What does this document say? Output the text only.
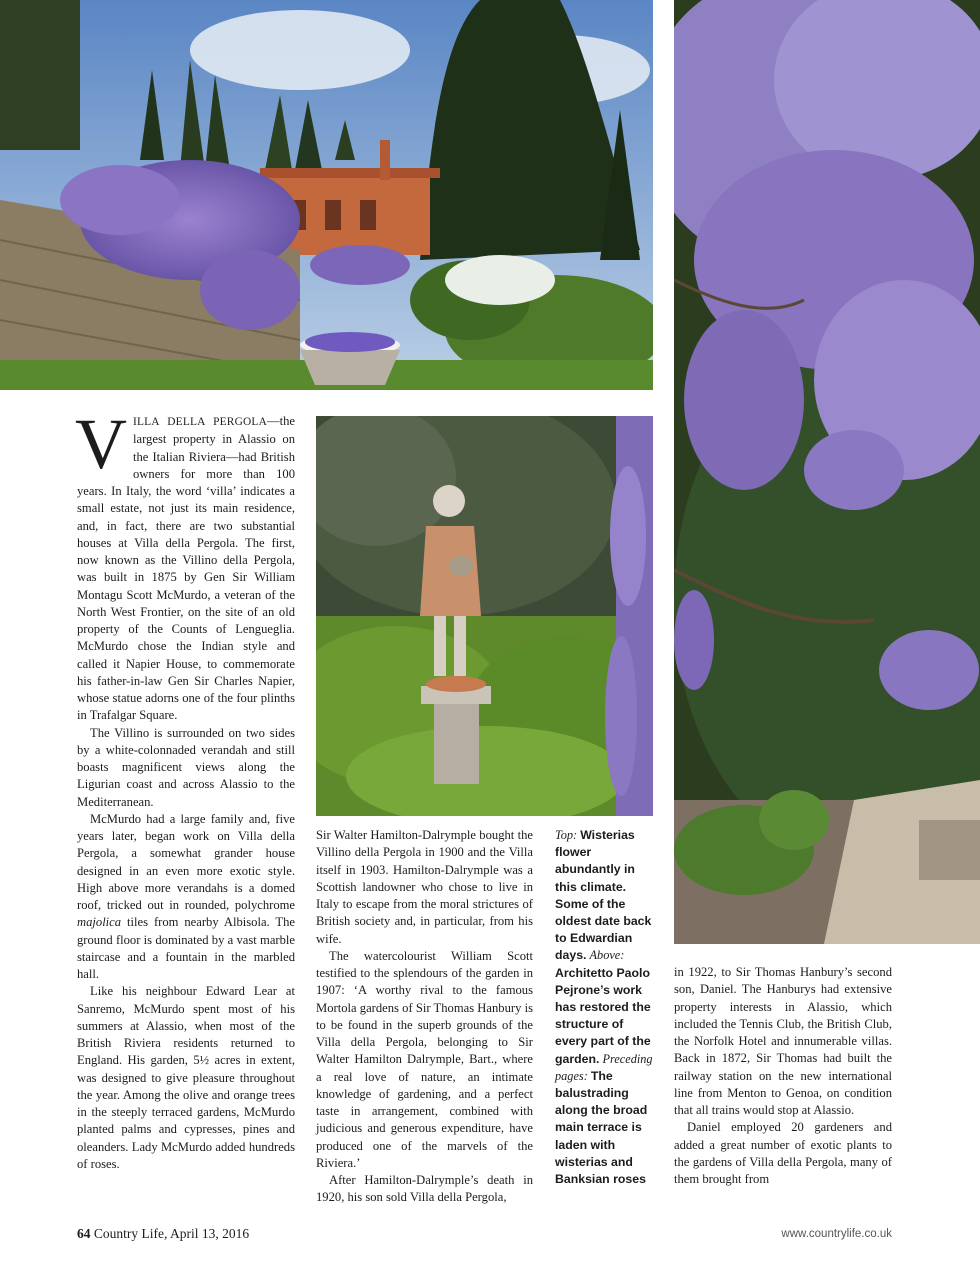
VILLA DELLA PERGOLA—the largest property in Alassio on the Italian Riviera—had British owners for more than 100 years. In Italy, the word ‘villa’ indicates a small estate, not just its main residence, and, in fact, there are two substantial houses at Villa della Pergola. The first, now known as the Villino della Pergola, was built in 1875 by Gen Sir William Montagu Scott McMurdo, a veteran of the North West Frontier, on the site of an old property of the Counts of Lengueglia. McMurdo chose the Indian style and called it Napier House, to commemorate his father-in-law Gen Sir Charles Napier, whose statue adorns one of the four plinths in Trafalgar Square.

The Villino is surrounded on two sides by a white-colonnaded verandah and still boasts magnificent views along the Ligurian coast and across Alassio to the Mediterranean.

McMurdo had a large family and, five years later, began work on Villa della Pergola, a somewhat grander house designed in an even more exotic style. High above more verandahs is a domed roof, tricked out in rounded, polychrome majolica tiles from nearby Albisola. The ground floor is dominated by a vast marble staircase and a fountain in the marbled hall.

Like his neighbour Edward Lear at Sanremo, McMurdo spent most of his summers at Alassio, when most of the British Riviera residents returned to England. His garden, 5½ acres in extent, was designed to give pleasure throughout the year. Among the olive and orange trees in the steeply terraced gardens, McMurdo planted palms and cypresses, pines and oleanders. Lady McMurdo added hundreds of roses.

Sir Walter Hamilton-Dalrymple bought the Villino della Pergola in 1900 and the Villa itself in 1903. Hamilton-Dalrymple was a Scottish landowner who chose to live in Italy to escape from the moral strictures of British society and, in particular, from his wife.

The watercolourist William Scott testified to the splendours of the garden in 1907: ‘A worthy rival to the famous Mortola gardens of Sir Thomas Hanbury is to be found in the superb grounds of the Villa della Pergola, belonging to Sir Walter Hamilton Dalrymple, Bart., where a real love of nature, an intimate knowledge of gardening, and a perfect taste in arrangement, combined with judicious and generous expenditure, have produced one of the marvels of the Riviera.’

After Hamilton-Dalrymple’s death in 1920, his son sold Villa della Pergola,

Top: Wisterias flower abundantly in this climate. Some of the oldest date back to Edwardian days. Above: Architetto Paolo Pejrone’s work has restored the structure of every part of the garden. Preceding pages: The balustrading along the broad main terrace is laden with wisterias and Banksian roses

in 1922, to Sir Thomas Hanbury’s second son, Daniel. The Hanburys had extensive property interests in Alassio, which included the Tennis Club, the British Club, the Norfolk Hotel and innumerable villas. Back in 1872, Sir Thomas had built the railway station on the new international line from Menton to Genoa, on condition that all trains would stop at Alassio.

Daniel employed 20 gardeners and added a great number of exotic plants to the gardens of Villa della Pergola, many of them brought from

64 Country Life, April 13, 2016	www.countrylife.co.uk
